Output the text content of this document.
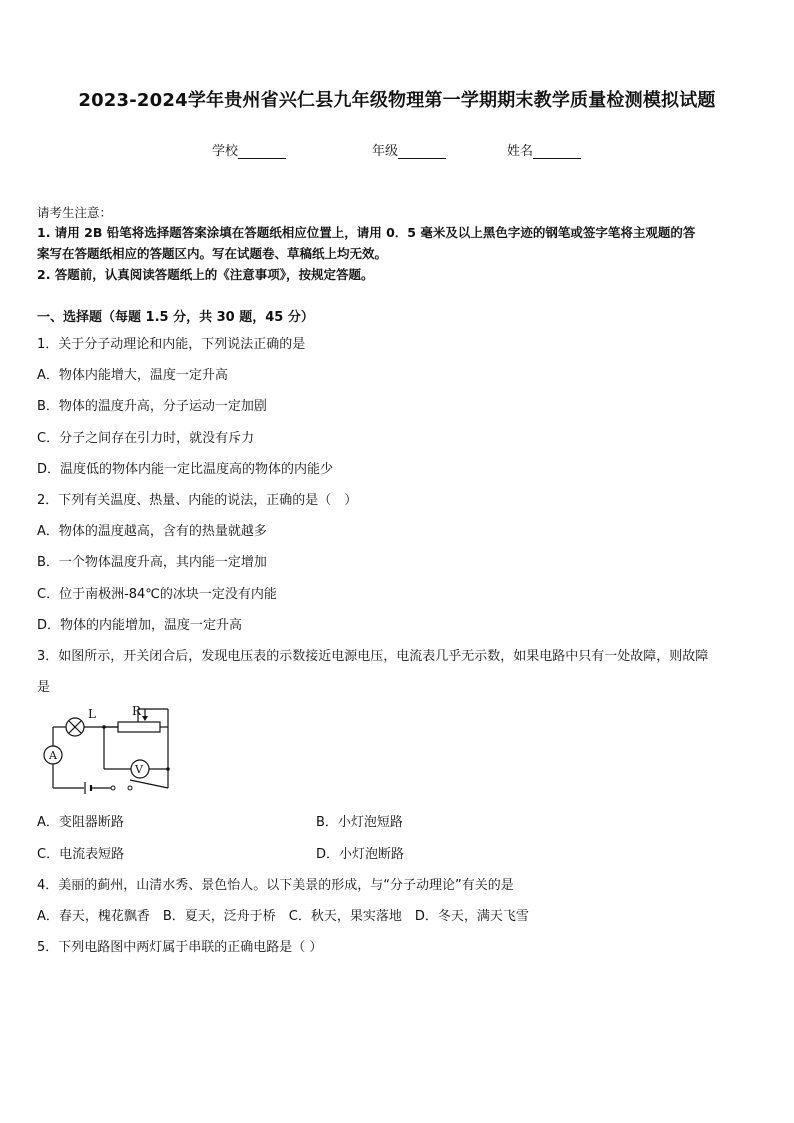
2023-2024学年贵州省兴仁县九年级物理第一学期期末教学质量检测模拟试题
学校	年级	姓名
请考生注意：
1. 请用 2B 铅笔将选择题答案涂填在答题纸相应位置上，请用 0．5 毫米及以上黑色字迹的钢笔或签字笔将主观题的答
案写在答题纸相应的答题区内。写在试题卷、草稿纸上均无效。
2. 答题前，认真阅读答题纸上的《注意事项》，按规定答题。
一、选择题（每题 1.5 分，共 30 题，45 分）
1．关于分子动理论和内能，下列说法正确的是
A．物体内能增大，温度一定升高
B．物体的温度升高，分子运动一定加剧
C．分子之间存在引力时，就没有斥力
D．温度低的物体内能一定比温度高的物体的内能少
2．下列有关温度、热量、内能的说法，正确的是（　）
A．物体的温度越高，含有的热量就越多
B．一个物体温度升高，其内能一定增加
C．位于南极洲-84℃的冰块一定没有内能
D．物体的内能增加，温度一定升高
3．如图所示，开关闭合后，发现电压表的示数接近电源电压，电流表几乎无示数，如果电路中只有一处故障，则故障
是
L	R
A
V
A．变阻器断路	B．小灯泡短路
C．电流表短路	D．小灯泡断路
4．美丽的蓟州，山清水秀、景色怡人。以下美景的形成，与“分子动理论”有关的是
A．春天，槐花飘香　B．夏天，泛舟于桥　C．秋天，果实落地　D．冬天，满天飞雪
5．下列电路图中两灯属于串联的正确电路是（ ）
